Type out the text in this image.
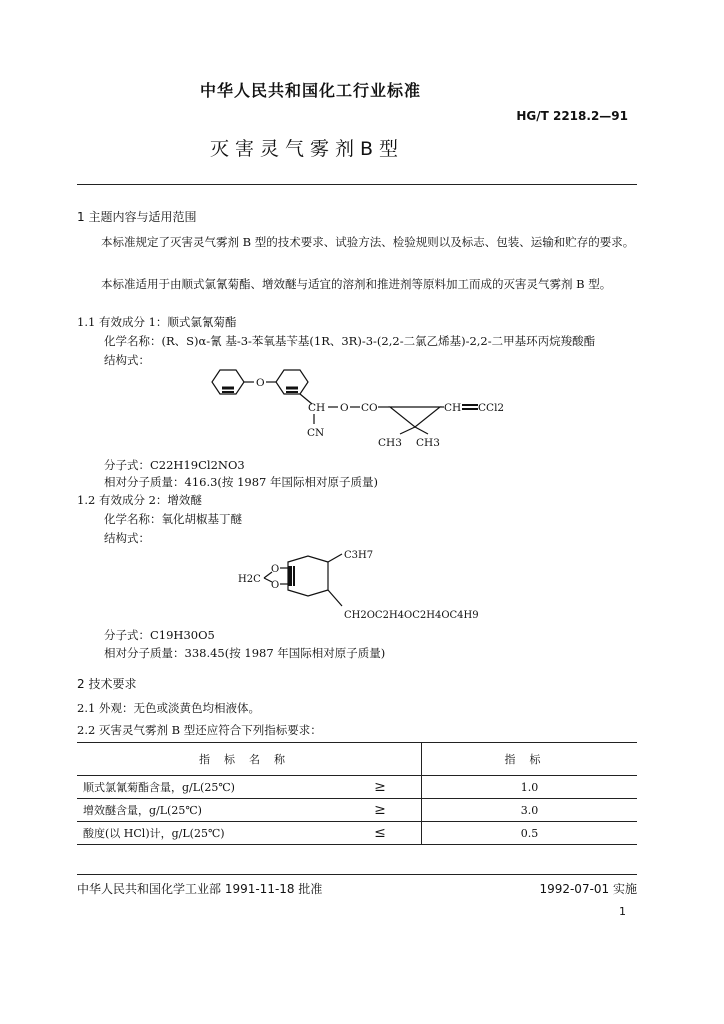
中华人民共和国化工行业标准
HG/T 2218.2—91
灭害灵气雾剂B型
1 主题内容与适用范围
本标准规定了灭害灵气雾剂 B 型的技术要求、试验方法、检验规则以及标志、包装、运输和贮存的要求。
本标准适用于由顺式氯氰菊酯、增效醚与适宜的溶剂和推进剂等原料加工而成的灭害灵气雾剂 B 型。
1.1 有效成分 1：顺式氯氰菊酯
化学名称：(R、S)α-氰 基-3-苯氧基苄基(1R、3R)-3-(2,2-二氯乙烯基)-2,2-二甲基环丙烷羧酸酯
结构式：
O
CH O CO
CN
CH CCl2
CH3 CH3
分子式：C22H19Cl2NO3
相对分子质量：416.3(按 1987 年国际相对原子质量)
1.2 有效成分 2：增效醚
化学名称：氧化胡椒基丁醚
结构式：
O
O
H2C
C3H7
CH2OC2H4OC2H4OC4H9
分子式：C19H30O5
相对分子质量：338.45(按 1987 年国际相对原子质量)
2 技术要求
2.1 外观：无色或淡黄色均相液体。
2.2 灭害灵气雾剂 B 型还应符合下列指标要求：
指标名称		指标
顺式氯氰菊酯含量，g/L(25℃)	≥	1.0
增效醚含量，g/L(25℃)	≥	3.0
酸度(以 HCl)计，g/L(25℃)	≤	0.5
中华人民共和国化学工业部 1991-11-18 批准	1992-07-01 实施
1
